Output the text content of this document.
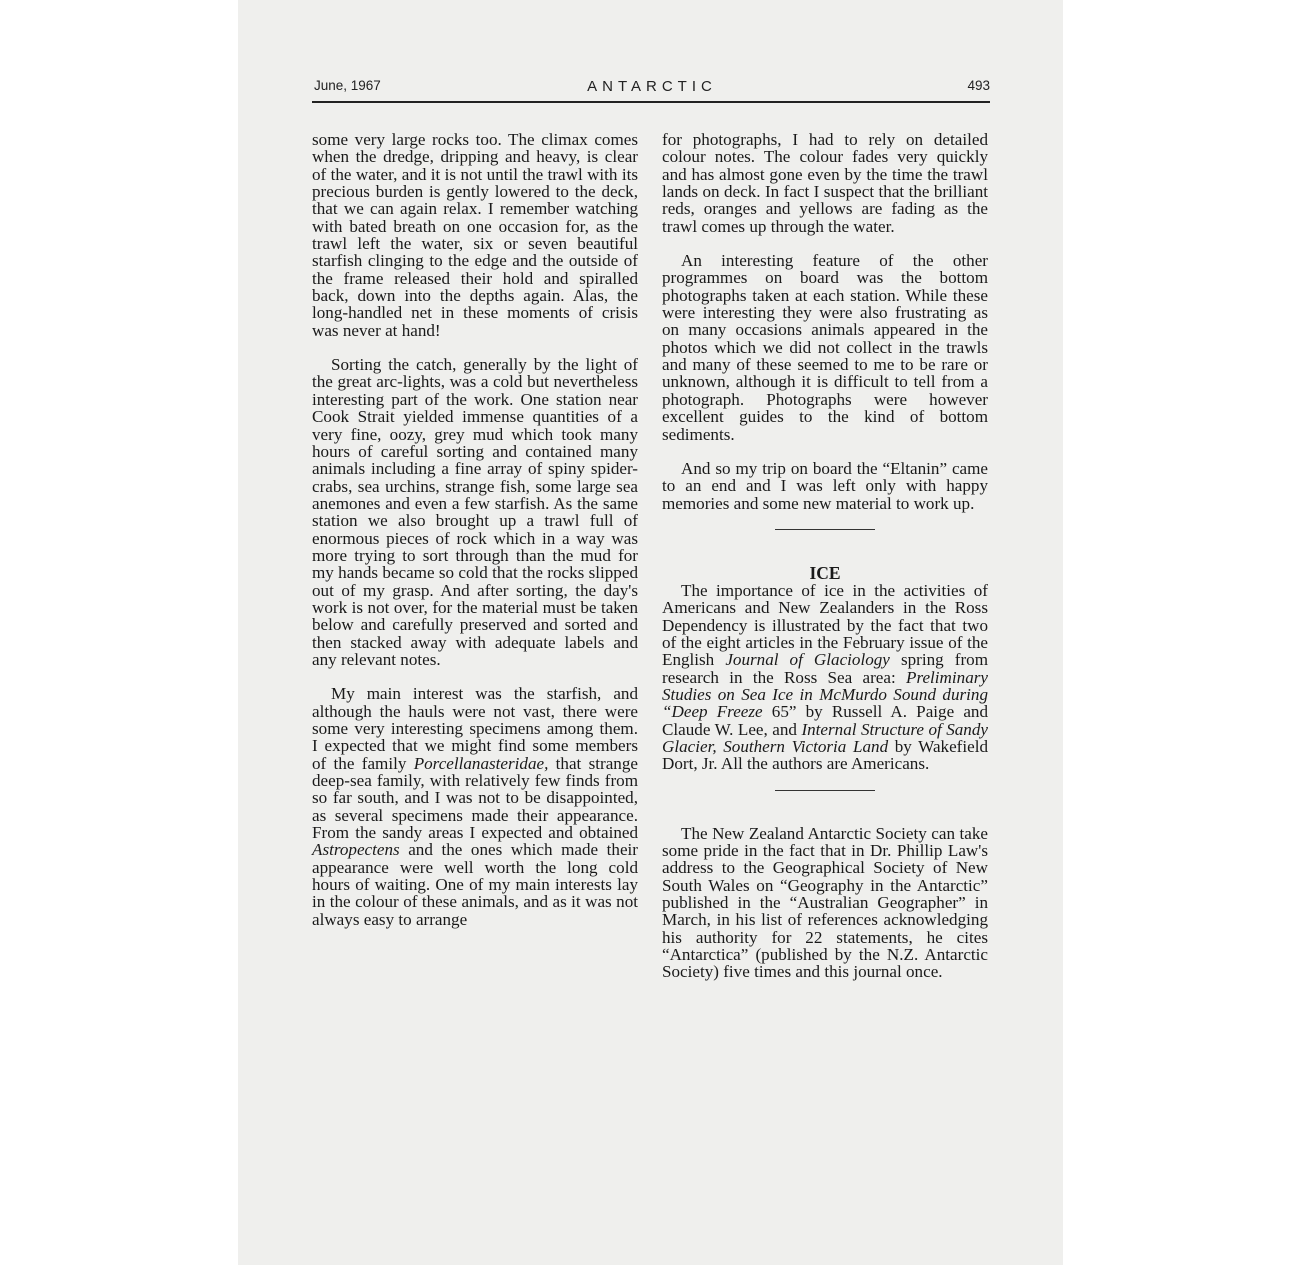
June, 1967	ANTARCTIC	493

some very large rocks too. The climax comes when the dredge, dripping and heavy, is clear of the water, and it is not until the trawl with its precious burden is gently lowered to the deck, that we can again relax. I remember watching with bated breath on one occasion for, as the trawl left the water, six or seven beautiful starfish clinging to the edge and the outside of the frame released their hold and spiralled back, down into the depths again. Alas, the long-handled net in these moments of crisis was never at hand!

Sorting the catch, generally by the light of the great arc-lights, was a cold but nevertheless interesting part of the work. One station near Cook Strait yielded immense quantities of a very fine, oozy, grey mud which took many hours of careful sorting and contained many animals including a fine array of spiny spider-crabs, sea urchins, strange fish, some large sea anemones and even a few starfish. As the same station we also brought up a trawl full of enormous pieces of rock which in a way was more trying to sort through than the mud for my hands became so cold that the rocks slipped out of my grasp. And after sorting, the day's work is not over, for the material must be taken below and carefully preserved and sorted and then stacked away with adequate labels and any relevant notes.

My main interest was the starfish, and although the hauls were not vast, there were some very interesting specimens among them. I expected that we might find some members of the family Porcellanasteridae, that strange deep-sea family, with relatively few finds from so far south, and I was not to be disappointed, as several specimens made their appearance. From the sandy areas I expected and obtained Astropectens and the ones which made their appearance were well worth the long cold hours of waiting. One of my main interests lay in the colour of these animals, and as it was not always easy to arrange

for photographs, I had to rely on detailed colour notes. The colour fades very quickly and has almost gone even by the time the trawl lands on deck. In fact I suspect that the brilliant reds, oranges and yellows are fading as the trawl comes up through the water.

An interesting feature of the other programmes on board was the bottom photographs taken at each station. While these were interesting they were also frustrating as on many occasions animals appeared in the photos which we did not collect in the trawls and many of these seemed to me to be rare or unknown, although it is difficult to tell from a photograph. Photographs were however excellent guides to the kind of bottom sediments.

And so my trip on board the “Eltanin” came to an end and I was left only with happy memories and some new material to work up.

ICE

The importance of ice in the activities of Americans and New Zealanders in the Ross Dependency is illustrated by the fact that two of the eight articles in the February issue of the English Journal of Glaciology spring from research in the Ross Sea area: Preliminary Studies on Sea Ice in McMurdo Sound during “Deep Freeze 65” by Russell A. Paige and Claude W. Lee, and Internal Structure of Sandy Glacier, Southern Victoria Land by Wakefield Dort, Jr. All the authors are Americans.

The New Zealand Antarctic Society can take some pride in the fact that in Dr. Phillip Law's address to the Geographical Society of New South Wales on “Geography in the Antarctic” published in the “Australian Geographer” in March, in his list of references acknowledging his authority for 22 statements, he cites “Antarctica” (published by the N.Z. Antarctic Society) five times and this journal once.
